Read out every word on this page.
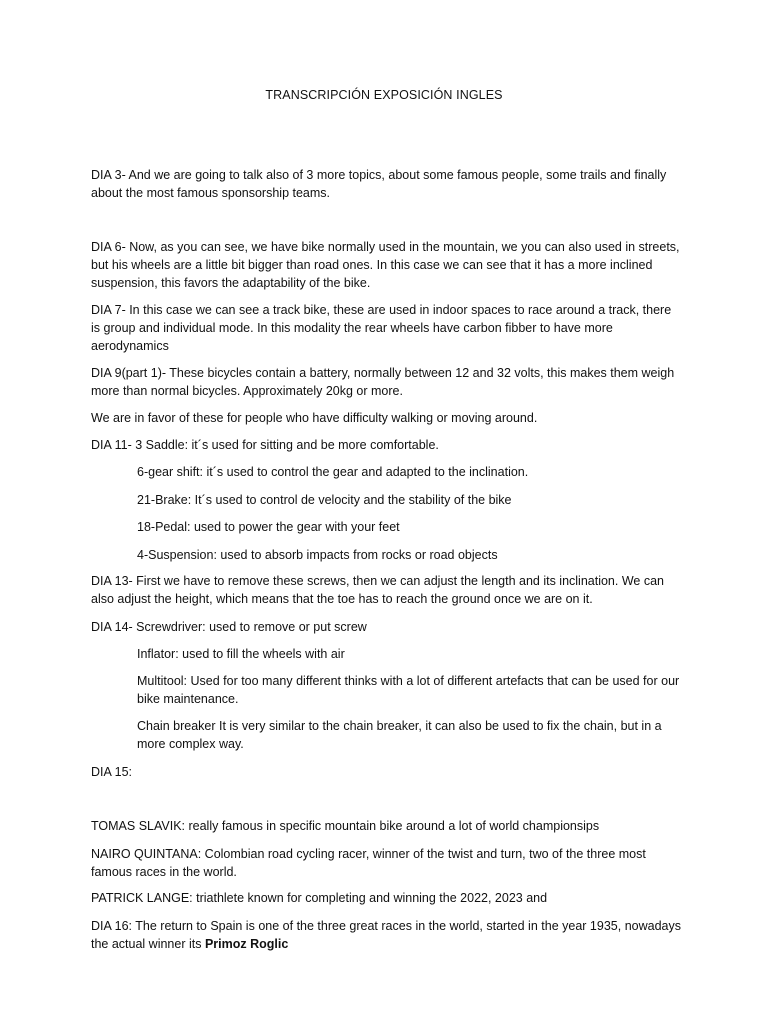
TRANSCRIPCIÓN EXPOSICIÓN INGLES

DIA 3- And we are going to talk also of 3 more topics, about some famous people, some trails and finally about the most famous sponsorship teams.

DIA 6- Now, as you can see, we have bike normally used in the mountain, we you can also used in streets, but his wheels are a little bit bigger than road ones. In this case we can see that it has a more inclined suspension, this favors the adaptability of the bike.

DIA 7- In this case we can see a track bike, these are used in indoor spaces to race around a track, there is group and individual mode. In this modality the rear wheels have carbon fibber to have more aerodynamics

DIA 9(part 1)- These bicycles contain a battery, normally between 12 and 32 volts, this makes them weigh more than normal bicycles. Approximately 20kg or more.

We are in favor of these for people who have difficulty walking or moving around.

DIA 11- 3 Saddle: it´s used for sitting and be more comfortable.

6-gear shift: it´s used to control the gear and adapted to the inclination.

21-Brake: It´s used to control de velocity and the stability of the bike

18-Pedal: used to power the gear with your feet

4-Suspension: used to absorb impacts from rocks or road objects

DIA 13- First we have to remove these screws, then we can adjust the length and its inclination. We can also adjust the height, which means that the toe has to reach the ground once we are on it.

DIA 14- Screwdriver: used to remove or put screw

Inflator: used to fill the wheels with air

Multitool: Used for too many different thinks with a lot of different artefacts that can be used for our bike maintenance.

Chain breaker It is very similar to the chain breaker, it can also be used to fix the chain, but in a more complex way.

DIA 15:

TOMAS SLAVIK: really famous in specific mountain bike around a lot of world championsips

NAIRO QUINTANA: Colombian road cycling racer, winner of the twist and turn, two of the three most famous races in the world.

PATRICK LANGE: triathlete known for completing and winning the 2022, 2023 and

DIA 16: The return to Spain is one of the three great races in the world, started in the year 1935, nowadays the actual winner its Primoz Roglic
